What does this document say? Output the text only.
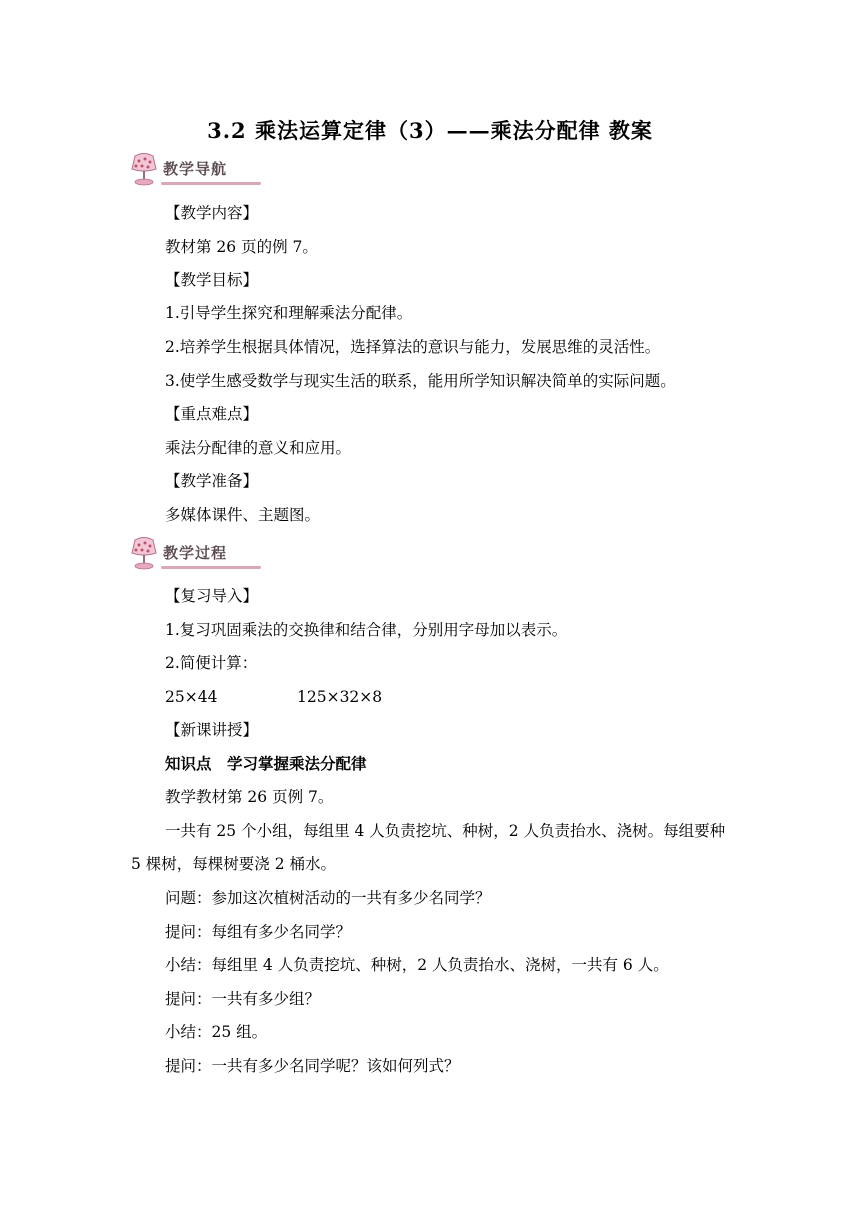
3.2 乘法运算定律（3）——乘法分配律 教案
教学导航
【教学内容】
教材第 26 页的例 7。
【教学目标】
1.引导学生探究和理解乘法分配律。
2.培养学生根据具体情况，选择算法的意识与能力，发展思维的灵活性。
3.使学生感受数学与现实生活的联系，能用所学知识解决简单的实际问题。
【重点难点】
乘法分配律的意义和应用。
【教学准备】
多媒体课件、主题图。
教学过程
【复习导入】
1.复习巩固乘法的交换律和结合律，分别用字母加以表示。
2.简便计算：
25×44	125×32×8
【新课讲授】
知识点　学习掌握乘法分配律
教学教材第 26 页例 7。
一共有 25 个小组，每组里 4 人负责挖坑、种树，2 人负责抬水、浇树。每组要种 5 棵树，每棵树要浇 2 桶水。
问题：参加这次植树活动的一共有多少名同学？
提问：每组有多少名同学？
小结：每组里 4 人负责挖坑、种树，2 人负责抬水、浇树，一共有 6 人。
提问：一共有多少组？
小结：25 组。
提问：一共有多少名同学呢？该如何列式？
